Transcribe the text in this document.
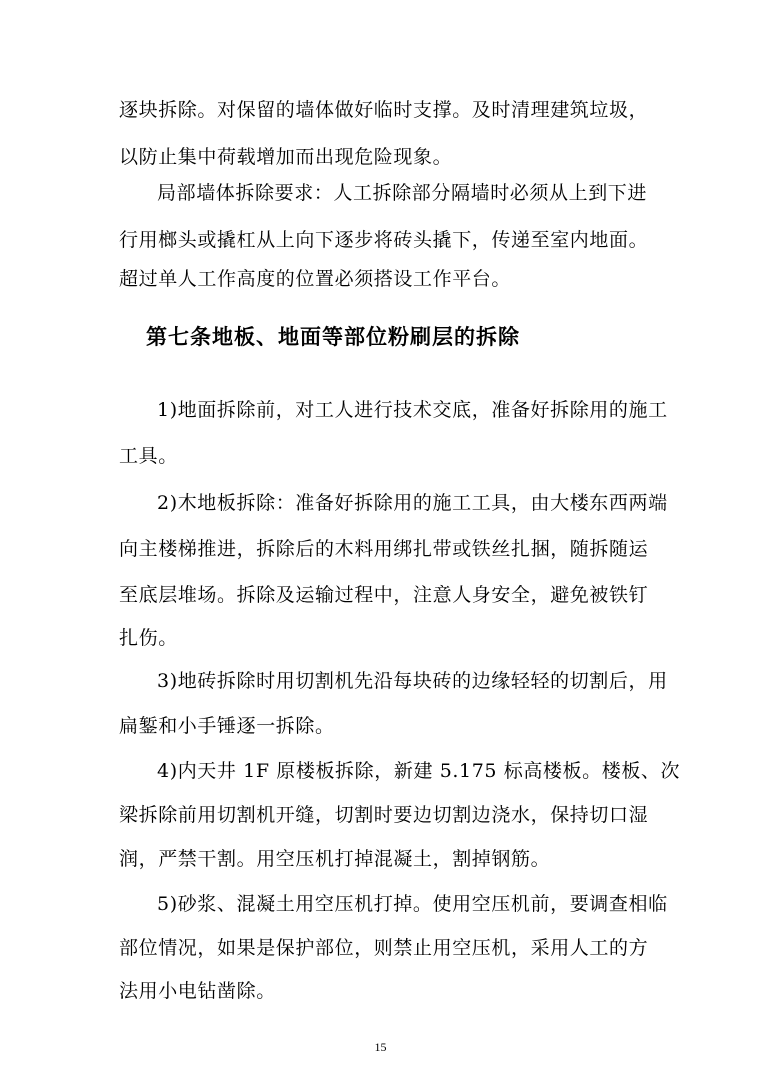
逐块拆除。对保留的墙体做好临时支撑。及时清理建筑垃圾，
以防止集中荷载增加而出现危险现象。
局部墙体拆除要求：人工拆除部分隔墙时必须从上到下进
行用榔头或撬杠从上向下逐步将砖头撬下，传递至室内地面。
超过单人工作高度的位置必须搭设工作平台。
第七条地板、地面等部位粉刷层的拆除
1)地面拆除前，对工人进行技术交底，准备好拆除用的施工
工具。
2)木地板拆除：准备好拆除用的施工工具，由大楼东西两端
向主楼梯推进，拆除后的木料用绑扎带或铁丝扎捆，随拆随运
至底层堆场。拆除及运输过程中，注意人身安全，避免被铁钉
扎伤。
3)地砖拆除时用切割机先沿每块砖的边缘轻轻的切割后，用
扁錾和小手锤逐一拆除。
4)内天井 1F 原楼板拆除，新建 5.175 标高楼板。楼板、次
梁拆除前用切割机开缝，切割时要边切割边浇水，保持切口湿
润，严禁干割。用空压机打掉混凝土，割掉钢筋。
5)砂浆、混凝土用空压机打掉。使用空压机前，要调查相临
部位情况，如果是保护部位，则禁止用空压机，采用人工的方
法用小电钻凿除。
15
